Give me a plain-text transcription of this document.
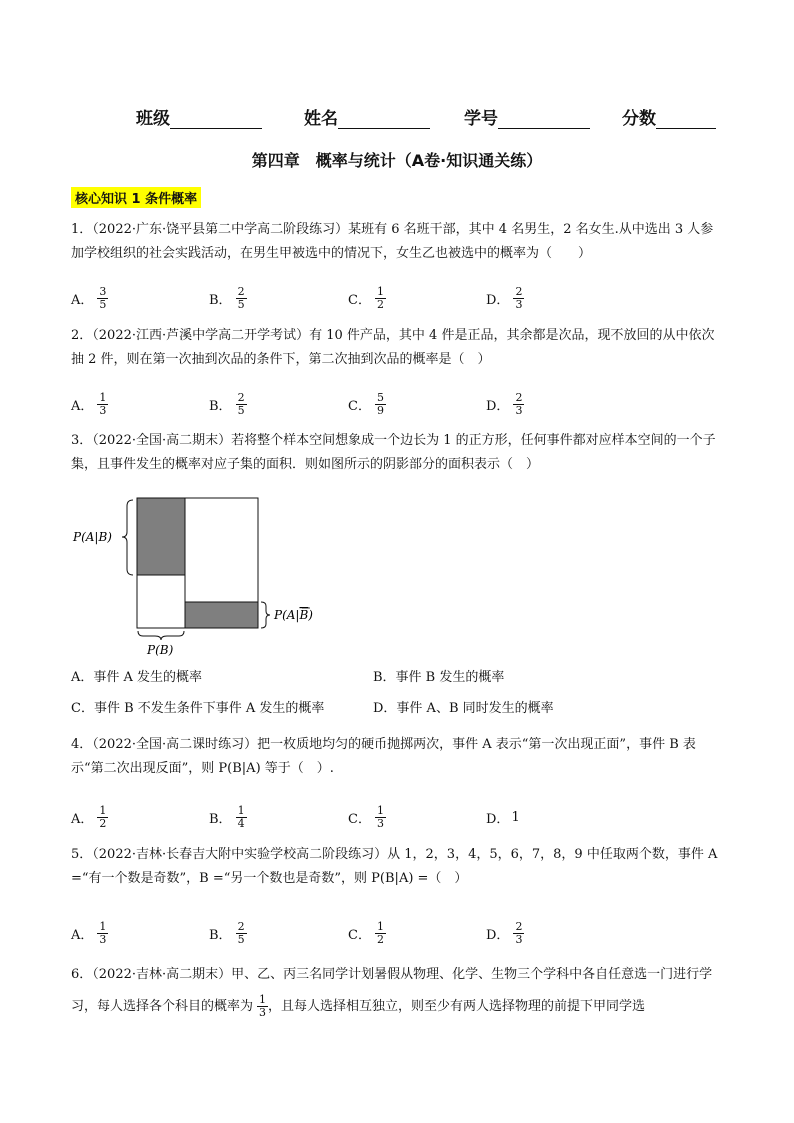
班级	姓名	学号	分数
第四章　概率与统计（A卷·知识通关练）
核心知识 1 条件概率
1．（2022·广东·饶平县第二中学高二阶段练习）某班有 6 名班干部，其中 4 名男生，2 名女生.从中选出 3 人参加学校组织的社会实践活动，在男生甲被选中的情况下，女生乙也被选中的概率为（　　）
A． $\frac{3}{5}$	B． $\frac{2}{5}$	C． $\frac{1}{2}$	D． $\frac{2}{3}$
2．（2022·江西·芦溪中学高二开学考试）有 10 件产品，其中 4 件是正品，其余都是次品，现不放回的从中依次抽 2 件，则在第一次抽到次品的条件下，第二次抽到次品的概率是（　）
A． $\frac{1}{3}$	B． $\frac{2}{5}$	C． $\frac{5}{9}$	D． $\frac{2}{3}$
3．（2022·全国·高二期末）若将整个样本空间想象成一个边长为 1 的正方形，任何事件都对应样本空间的一个子集，且事件发生的概率对应子集的面积．则如图所示的阴影部分的面积表示（　）
P(A|B)
P(A|B)
P(B)
A．事件 A 发生的概率	B．事件 B 发生的概率
C．事件 B 不发生条件下事件 A 发生的概率	D．事件 A、B 同时发生的概率
4．（2022·全国·高二课时练习）把一枚质地均匀的硬币抛掷两次，事件 A 表示“第一次出现正面”，事件 B 表示“第二次出现反面”，则 P(B|A) 等于（　）.
A． $\frac{1}{2}$	B． $\frac{1}{4}$	C． $\frac{1}{3}$	D． 1
5．（2022·吉林·长春吉大附中实验学校高二阶段练习）从 1，2，3，4，5，6，7，8，9 中任取两个数，事件 A =“有一个数是奇数”，B =“另一个数也是奇数”，则 P(B|A) =（　）
A． $\frac{1}{3}$	B． $\frac{2}{5}$	C． $\frac{1}{2}$	D． $\frac{2}{3}$
6．（2022·吉林·高二期末）甲、乙、丙三名同学计划暑假从物理、化学、生物三个学科中各自任意选一门进行学习，每人选择各个科目的概率为 $\frac{1}{3}$ ，且每人选择相互独立，则至少有两人选择物理的前提下甲同学选
